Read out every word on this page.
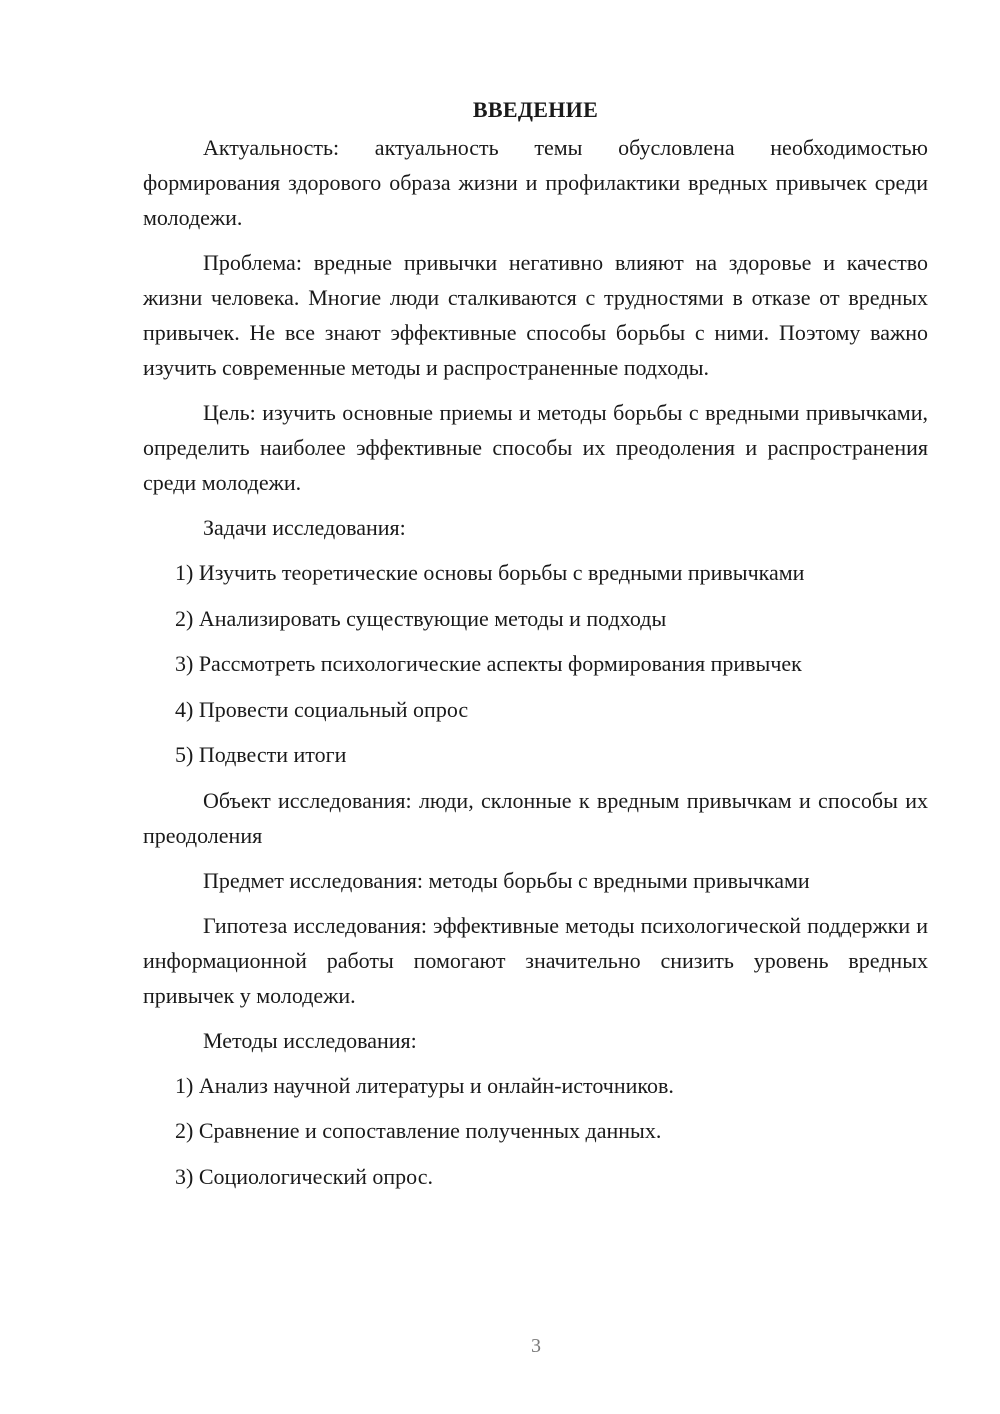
ВВЕДЕНИЕ

Актуальность: актуальность темы обусловлена необходимостью формирования здорового образа жизни и профилактики вредных привычек среди молодежи.

Проблема: вредные привычки негативно влияют на здоровье и качество жизни человека. Многие люди сталкиваются с трудностями в отказе от вредных привычек. Не все знают эффективные способы борьбы с ними. Поэтому важно изучить современные методы и распространенные подходы.

Цель: изучить основные приемы и методы борьбы с вредными привычками, определить наиболее эффективные способы их преодоления и распространения среди молодежи.

Задачи исследования:

1) Изучить теоретические основы борьбы с вредными привычками
2) Анализировать существующие методы и подходы
3) Рассмотреть психологические аспекты формирования привычек
4) Провести социальный опрос
5) Подвести итоги

Объект исследования: люди, склонные к вредным привычкам и способы их преодоления

Предмет исследования: методы борьбы с вредными привычками

Гипотеза исследования: эффективные методы психологической поддержки и информационной работы помогают значительно снизить уровень вредных привычек у молодежи.

Методы исследования:

1) Анализ научной литературы и онлайн-источников.
2) Сравнение и сопоставление полученных данных.
3) Социологический опрос.
3
